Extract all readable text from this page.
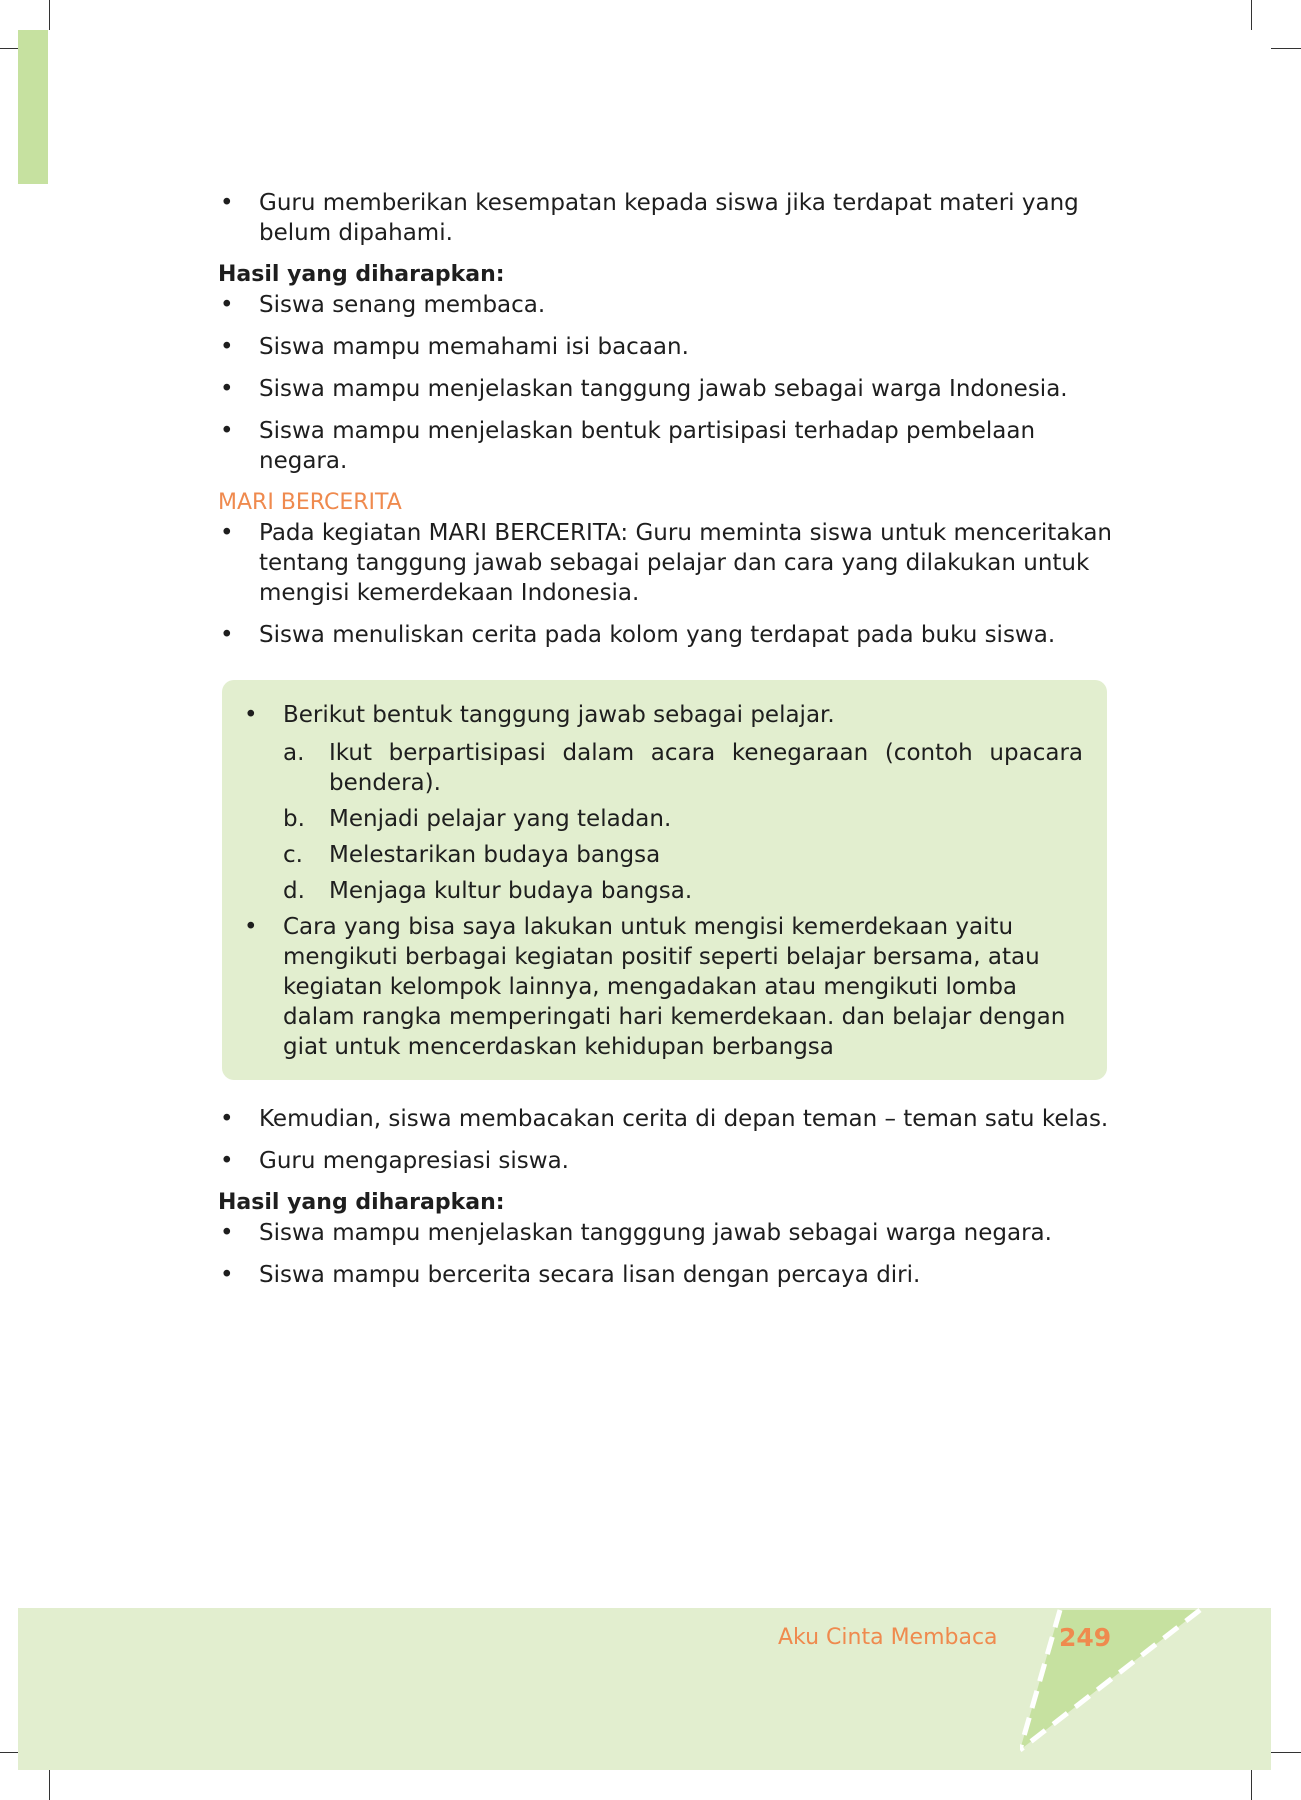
• Guru memberikan kesempatan kepada siswa jika terdapat materi yang belum dipahami.
Hasil yang diharapkan:
• Siswa senang membaca.
• Siswa mampu memahami isi bacaan.
• Siswa mampu menjelaskan tanggung jawab sebagai warga Indonesia.
• Siswa mampu menjelaskan bentuk partisipasi terhadap pembelaan negara.
MARI BERCERITA
• Pada kegiatan MARI BERCERITA: Guru meminta siswa untuk menceritakan tentang tanggung jawab sebagai pelajar dan cara yang dilakukan untuk mengisi kemerdekaan Indonesia.
• Siswa menuliskan cerita pada kolom yang terdapat pada buku siswa.
• Berikut bentuk tanggung jawab sebagai pelajar.
a. Ikut berpartisipasi dalam acara kenegaraan (contoh upacara bendera).
b. Menjadi pelajar yang teladan.
c. Melestarikan budaya bangsa
d. Menjaga kultur budaya bangsa.
• Cara yang bisa saya lakukan untuk mengisi kemerdekaan yaitu mengikuti berbagai kegiatan positif seperti belajar bersama, atau kegiatan kelompok lainnya, mengadakan atau mengikuti lomba dalam rangka memperingati hari kemerdekaan. dan belajar dengan giat untuk mencerdaskan kehidupan berbangsa
• Kemudian, siswa membacakan cerita di depan teman – teman satu kelas.
• Guru mengapresiasi siswa.
Hasil yang diharapkan:
• Siswa mampu menjelaskan tangggung jawab sebagai warga negara.
• Siswa mampu bercerita secara lisan dengan percaya diri.
Aku Cinta Membaca 249
